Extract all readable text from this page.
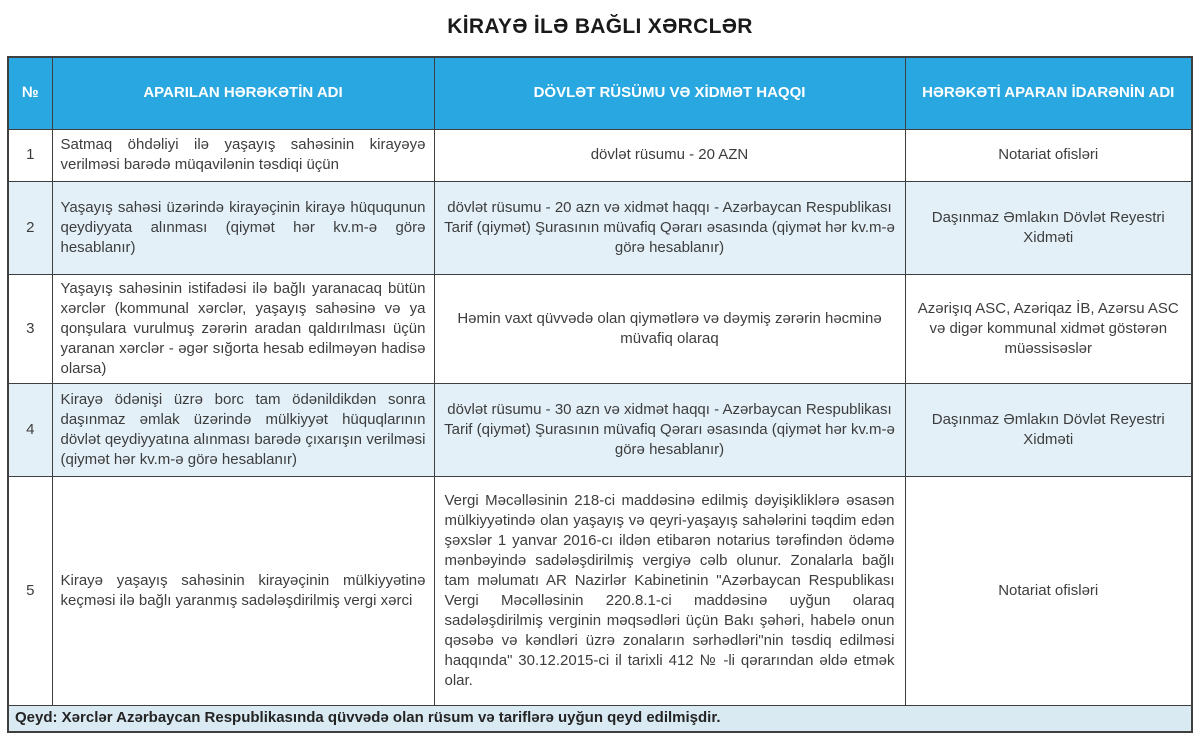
KİRAYƏ İLƏ BAĞLI XƏRCLƏR
№	APARILAN HƏRƏKƏTİN ADI	DÖVLƏT RÜSÜMU VƏ XİDMƏT HAQQI	HƏRƏKƏTİ APARAN İDARƏNİN ADI
1	Satmaq öhdəliyi ilə yaşayış sahəsinin kirayəyə verilməsi barədə müqavilənin təsdiqi üçün	dövlət rüsumu - 20 AZN	Notariat ofisləri
2	Yaşayış sahəsi üzərində kirayəçinin kirayə hüququnun qeydiyyata alınması (qiymət hər kv.m-ə görə hesablanır)	dövlət rüsumu - 20 azn və xidmət haqqı - Azərbaycan Respublikası Tarif (qiymət) Şurasının müvafiq Qərarı əsasında (qiymət hər kv.m-ə görə hesablanır)	Daşınmaz Əmlakın Dövlət Reyestri Xidməti
3	Yaşayış sahəsinin istifadəsi ilə bağlı yaranacaq bütün xərclər (kommunal xərclər, yaşayış sahəsinə və ya qonşulara vurulmuş zərərin aradan qaldırılması üçün yaranan xərclər - əgər sığorta hesab edilməyən hadisə olarsa)	Həmin vaxt qüvvədə olan qiymətlərə və dəymiş zərərin həcminə müvafiq olaraq	Azərişıq ASC, Azəriqaz İB, Azərsu ASC və digər kommunal xidmət göstərən müəssisəslər
4	Kirayə ödənişi üzrə borc tam ödənildikdən sonra daşınmaz əmlak üzərində mülkiyyət hüquqlarının dövlət qeydiyyatına alınması barədə çıxarışın verilməsi (qiymət hər kv.m-ə görə hesablanır)	dövlət rüsumu - 30 azn və xidmət haqqı - Azərbaycan Respublikası Tarif (qiymət) Şurasının müvafiq Qərarı əsasında (qiymət hər kv.m-ə görə hesablanır)	Daşınmaz Əmlakın Dövlət Reyestri Xidməti
5	Kirayə yaşayış sahəsinin kirayəçinin mülkiyyətinə keçməsi ilə bağlı yaranmış sadələşdirilmiş vergi xərci	Vergi Məcəlləsinin 218-ci maddəsinə edilmiş dəyişikliklərə əsasən mülkiyyətində olan yaşayış və qeyri-yaşayış sahələrini təqdim edən şəxslər 1 yanvar 2016-cı ildən etibarən notarius tərəfindən ödəmə mənbəyində sadələşdirilmiş vergiyə cəlb olunur. Zonalarla bağlı tam məlumatı AR Nazirlər Kabinetinin "Azərbaycan Respublikası Vergi Məcəlləsinin 220.8.1-ci maddəsinə uyğun olaraq sadələşdirilmiş verginin məqsədləri üçün Bakı şəhəri, habelə onun qəsəbə və kəndləri üzrə zonaların sərhədləri"nin təsdiq edilməsi haqqında" 30.12.2015-ci il tarixli 412 № -li qərarından əldə etmək olar.	Notariat ofisləri
Qeyd: Xərclər Azərbaycan Respublikasında qüvvədə olan rüsum və tariflərə uyğun qeyd edilmişdir.			
